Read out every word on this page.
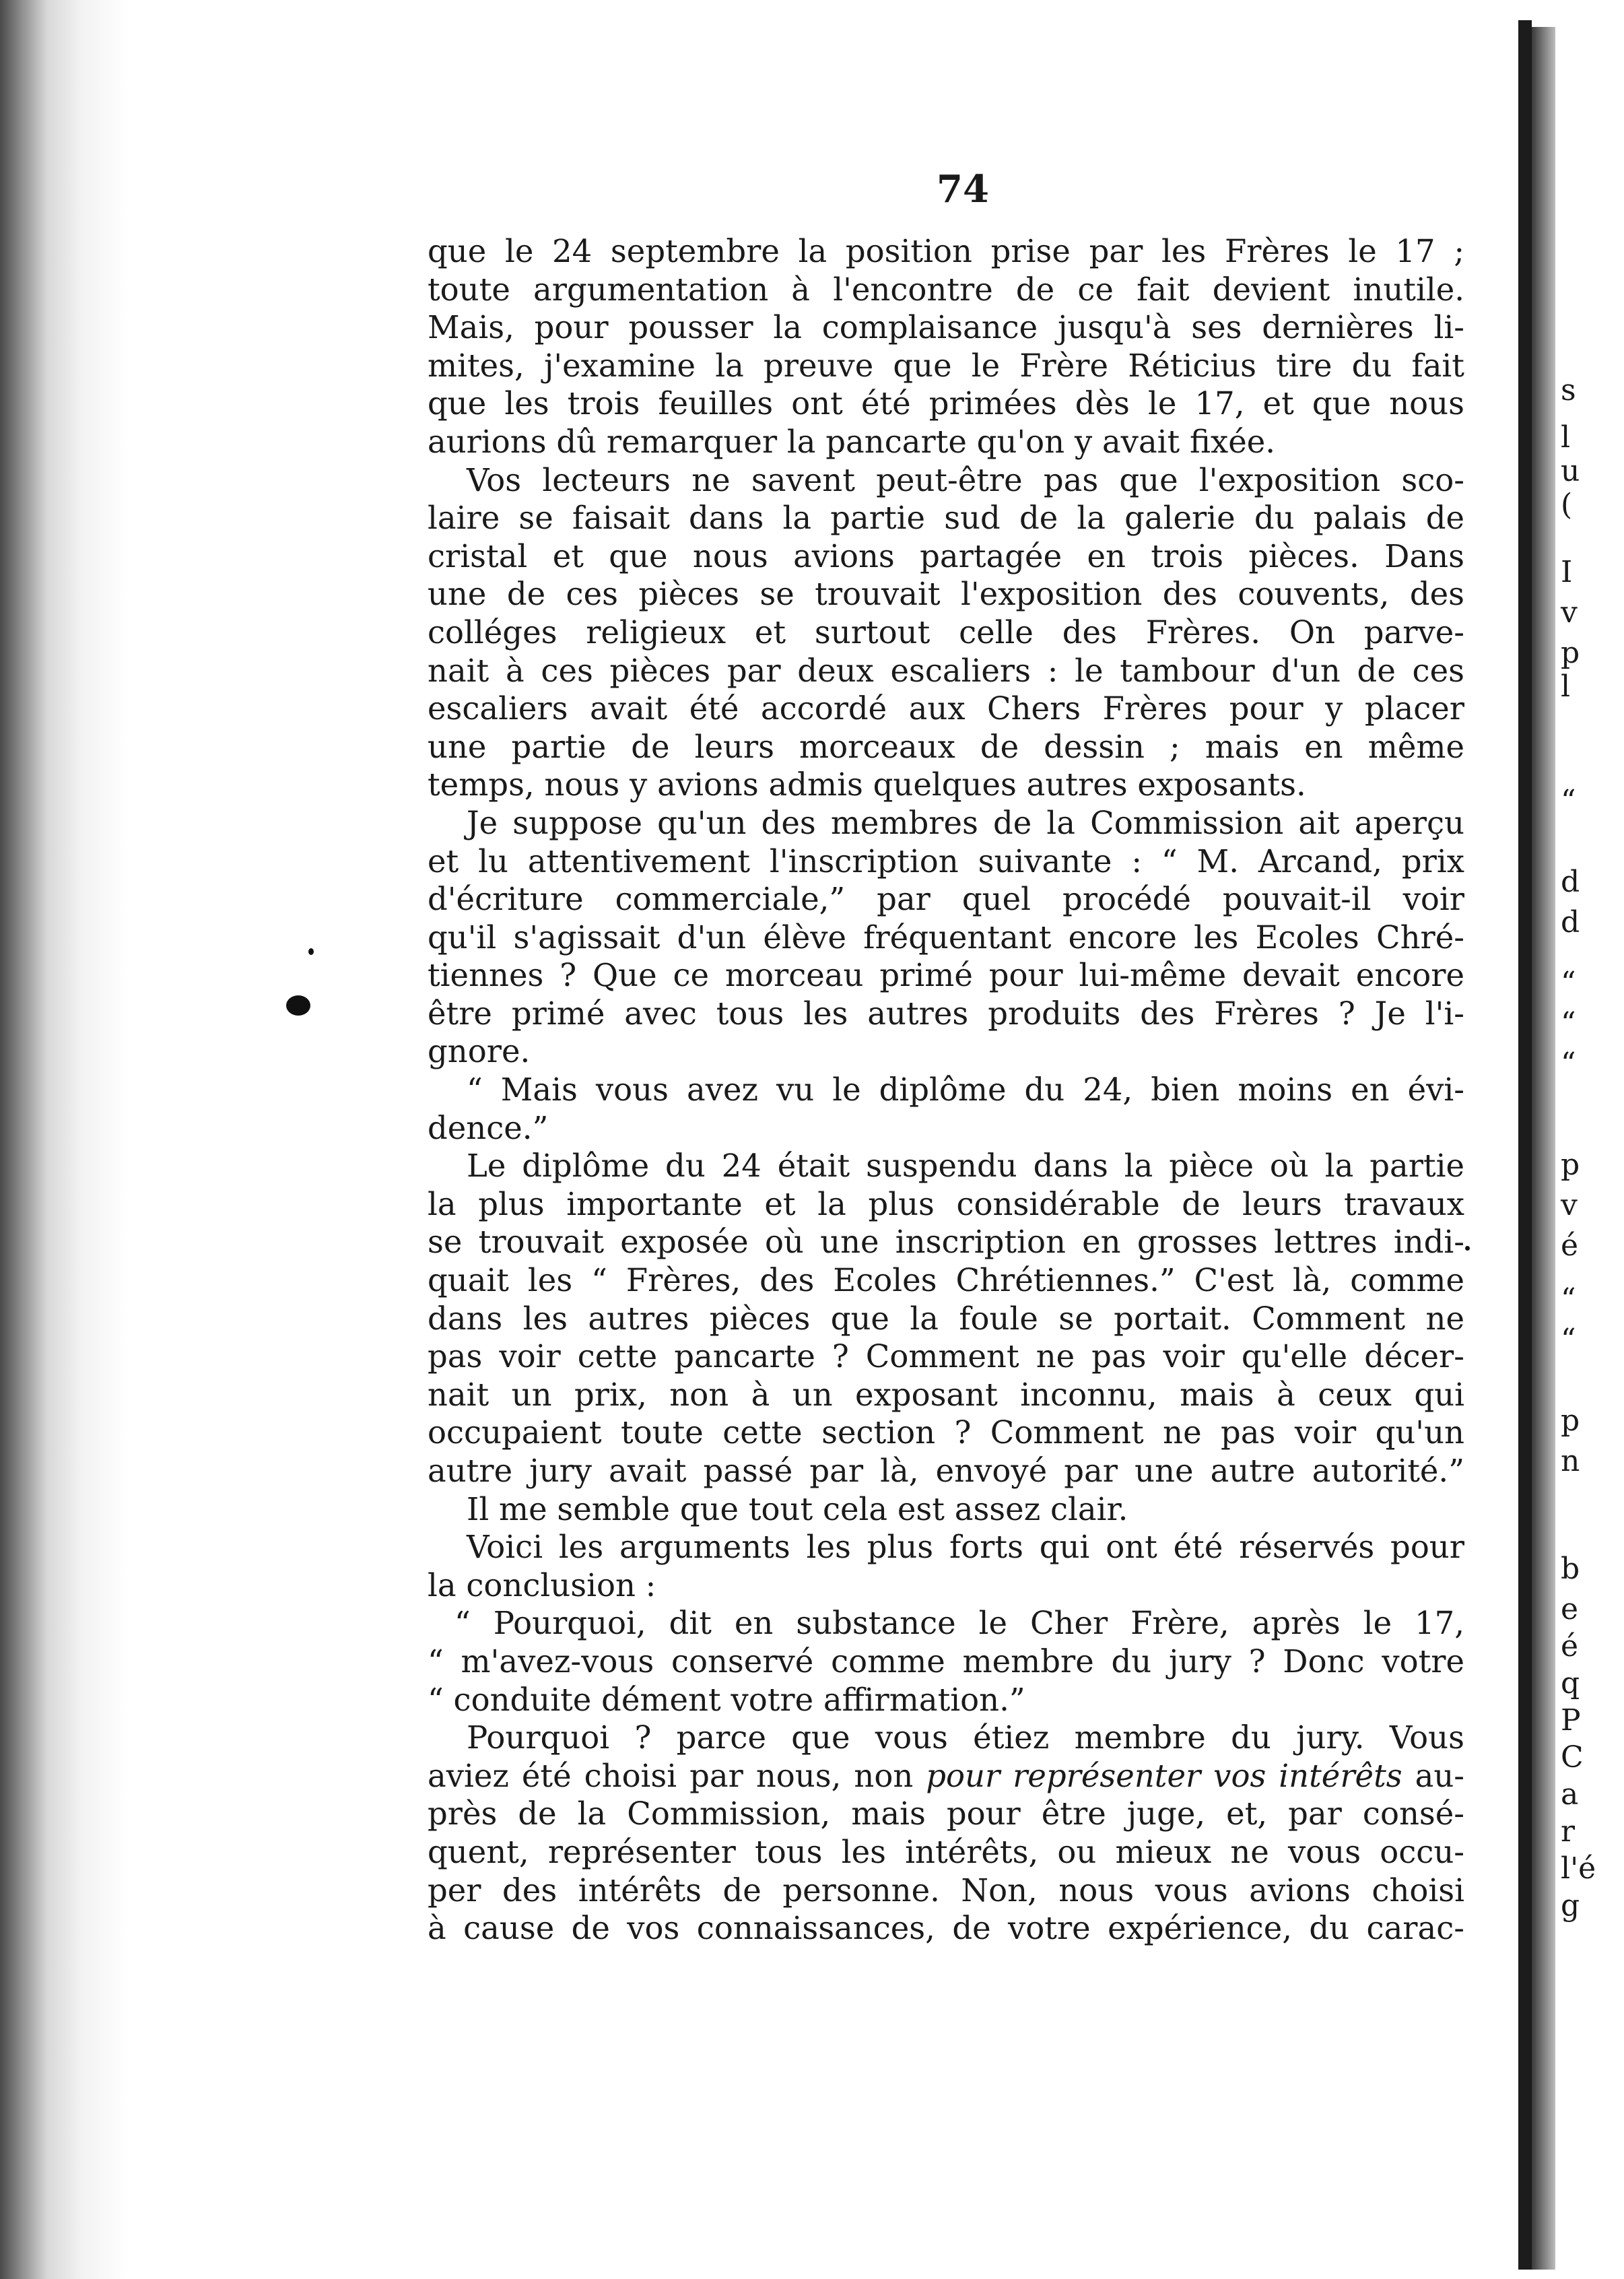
74
que le 24 septembre la position prise par les Frères le 17 ;
toute argumentation à l'encontre de ce fait devient inutile.
Mais, pour pousser la complaisance jusqu'à ses dernières li-
mites, j'examine la preuve que le Frère Réticius tire du fait
que les trois feuilles ont été primées dès le 17, et que nous
aurions dû remarquer la pancarte qu'on y avait fixée.
Vos lecteurs ne savent peut-être pas que l'exposition sco-
laire se faisait dans la partie sud de la galerie du palais de
cristal et que nous avions partagée en trois pièces. Dans
une de ces pièces se trouvait l'exposition des couvents, des
colléges religieux et surtout celle des Frères. On parve-
nait à ces pièces par deux escaliers : le tambour d'un de ces
escaliers avait été accordé aux Chers Frères pour y placer
une partie de leurs morceaux de dessin ; mais en même
temps, nous y avions admis quelques autres exposants.
Je suppose qu'un des membres de la Commission ait aperçu
et lu attentivement l'inscription suivante : “ M. Arcand, prix
d'écriture commerciale,” par quel procédé pouvait-il voir
qu'il s'agissait d'un élève fréquentant encore les Ecoles Chré-
tiennes ? Que ce morceau primé pour lui-même devait encore
être primé avec tous les autres produits des Frères ? Je l'i-
gnore.
“ Mais vous avez vu le diplôme du 24, bien moins en évi-
dence.”
Le diplôme du 24 était suspendu dans la pièce où la partie
la plus importante et la plus considérable de leurs travaux
se trouvait exposée où une inscription en grosses lettres indi-
quait les “ Frères, des Ecoles Chrétiennes.” C'est là, comme
dans les autres pièces que la foule se portait. Comment ne
pas voir cette pancarte ? Comment ne pas voir qu'elle décer-
nait un prix, non à un exposant inconnu, mais à ceux qui
occupaient toute cette section ? Comment ne pas voir qu'un
autre jury avait passé par là, envoyé par une autre autorité.”
Il me semble que tout cela est assez clair.
Voici les arguments les plus forts qui ont été réservés pour
la conclusion :
“ Pourquoi, dit en substance le Cher Frère, après le 17,
“ m'avez-vous conservé comme membre du jury ? Donc votre
“ conduite dément votre affirmation.”
Pourquoi ? parce que vous étiez membre du jury. Vous
aviez été choisi par nous, non pour représenter vos intérêts au-
près de la Commission, mais pour être juge, et, par consé-
quent, représenter tous les intérêts, ou mieux ne vous occu-
per des intérêts de personne. Non, nous vous avions choisi
à cause de vos connaissances, de votre expérience, du carac-
s
l
u
(
I
v
p
l
“
d
d
“
“
“
p
v
é
“
“
p
n
b
e
é
q
P
C
a
r
l'é
g
